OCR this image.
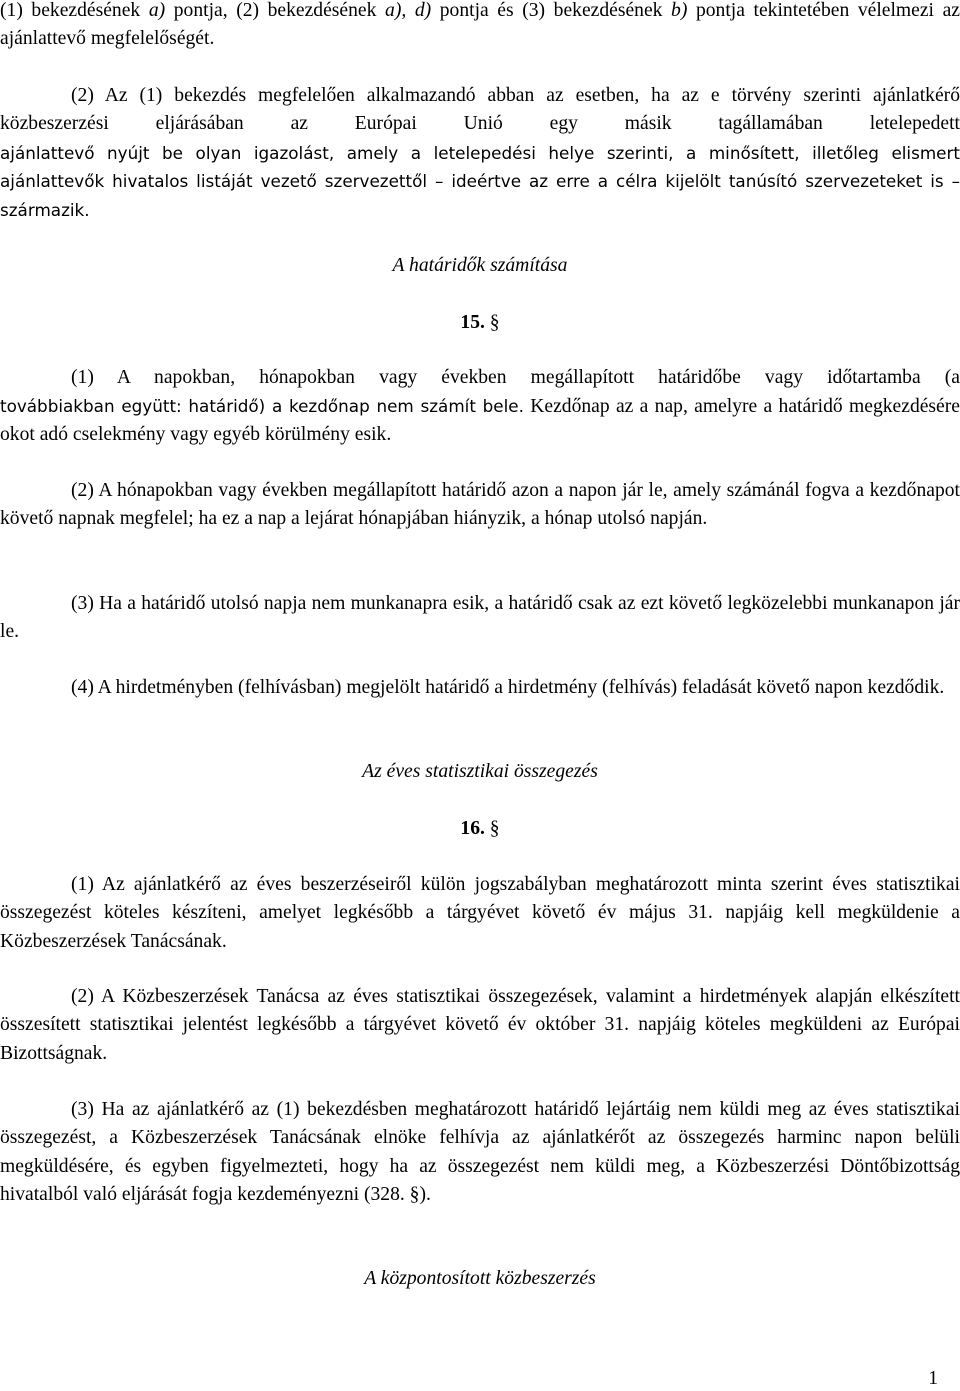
(1) bekezdésének a) pontja, (2) bekezdésének a), d) pontja és (3) bekezdésének b) pontja tekintetében vélelmezi az ajánlattevő megfelelőségét.

(2) Az (1) bekezdés megfelelően alkalmazandó abban az esetben, ha az e törvény szerinti ajánlatkérő közbeszerzési eljárásában az Európai Unió egy másik tagállamában letelepedett

ajánlattevő nyújt be olyan igazolást, amely a letelepedési helye szerinti, a minősített, illetőleg elismert ajánlattevők hivatalos listáját vezető szervezettől – ideértve az erre a célra kijelölt tanúsító szervezeteket is – származik.

A határidők számítása

15. §

(1) A napokban, hónapokban vagy években megállapított határidőbe vagy időtartamba (a

továbbiakban együtt: határidő) a kezdőnap nem számít bele. Kezdőnap az a nap, amelyre a határidő megkezdésére okot adó cselekmény vagy egyéb körülmény esik.

(2) A hónapokban vagy években megállapított határidő azon a napon jár le, amely számánál fogva a kezdőnapot követő napnak megfelel; ha ez a nap a lejárat hónapjában hiányzik, a hónap utolsó napján.

(3) Ha a határidő utolsó napja nem munkanapra esik, a határidő csak az ezt követő legközelebbi munkanapon jár le.

(4) A hirdetményben (felhívásban) megjelölt határidő a hirdetmény (felhívás) feladását követő napon kezdődik.

Az éves statisztikai összegezés

16. §

(1) Az ajánlatkérő az éves beszerzéseiről külön jogszabályban meghatározott minta szerint éves statisztikai összegezést köteles készíteni, amelyet legkésőbb a tárgyévet követő év május 31. napjáig kell megküldenie a Közbeszerzések Tanácsának.

(2) A Közbeszerzések Tanácsa az éves statisztikai összegezések, valamint a hirdetmények alapján elkészített összesített statisztikai jelentést legkésőbb a tárgyévet követő év október 31. napjáig köteles megküldeni az Európai Bizottságnak.

(3) Ha az ajánlatkérő az (1) bekezdésben meghatározott határidő lejártáig nem küldi meg az éves statisztikai összegezést, a Közbeszerzések Tanácsának elnöke felhívja az ajánlatkérőt az összegezés harminc napon belüli megküldésére, és egyben figyelmezteti, hogy ha az összegezést nem küldi meg, a Közbeszerzési Döntőbizottság hivatalból való eljárását fogja kezdeményezni (328. §).

A központosított közbeszerzés

1
